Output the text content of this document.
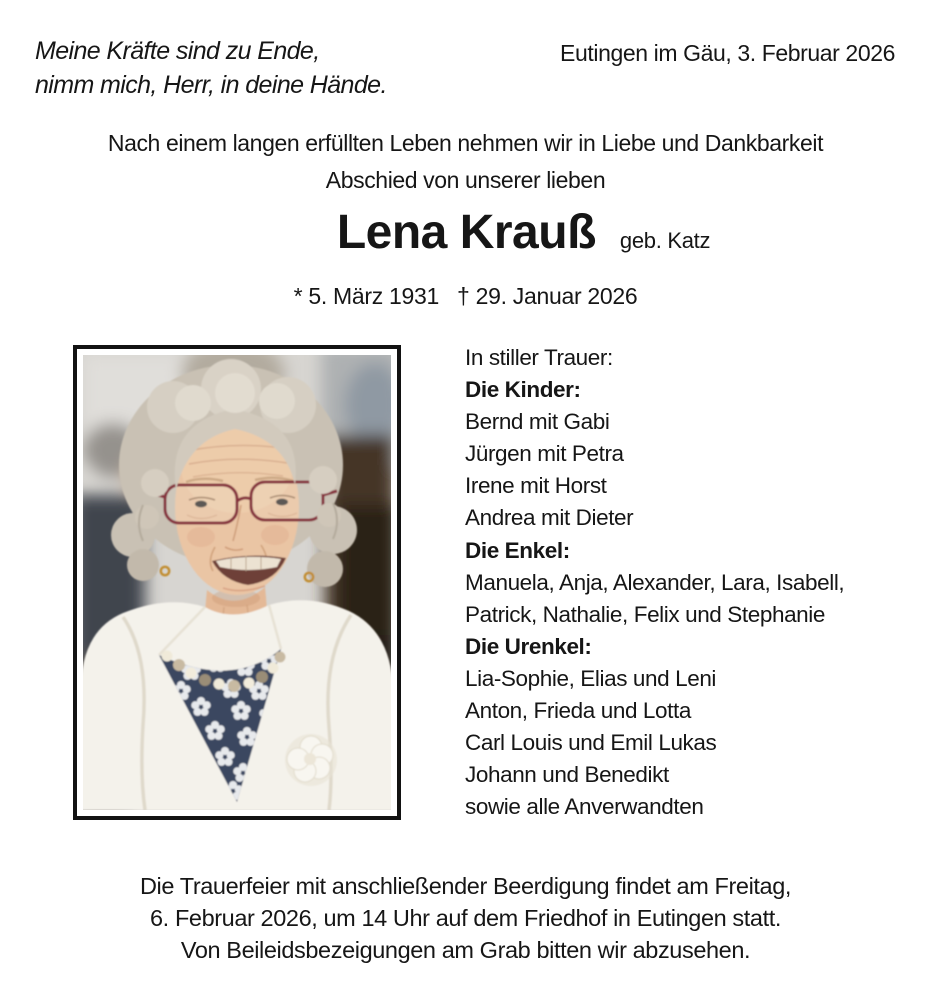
Meine Kräfte sind zu Ende,
nimm mich, Herr, in deine Hände.
Eutingen im Gäu, 3. Februar 2026
Nach einem langen erfüllten Leben nehmen wir in Liebe und Dankbarkeit
Abschied von unserer lieben
Lena Krauß geb. Katz
* 5. März 1931 † 29. Januar 2026
In stiller Trauer:
Die Kinder:
Bernd mit Gabi
Jürgen mit Petra
Irene mit Horst
Andrea mit Dieter
Die Enkel:
Manuela, Anja, Alexander, Lara, Isabell,
Patrick, Nathalie, Felix und Stephanie
Die Urenkel:
Lia-Sophie, Elias und Leni
Anton, Frieda und Lotta
Carl Louis und Emil Lukas
Johann und Benedikt
sowie alle Anverwandten
Die Trauerfeier mit anschließender Beerdigung findet am Freitag,
6. Februar 2026, um 14 Uhr auf dem Friedhof in Eutingen statt.
Von Beileidsbezeigungen am Grab bitten wir abzusehen.
